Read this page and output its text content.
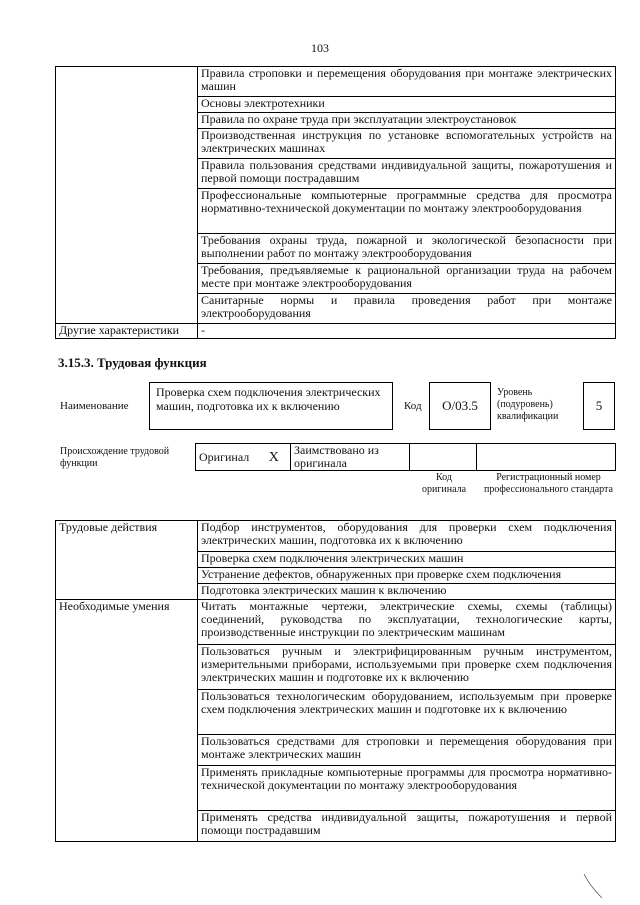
103
	Правила строповки и перемещения оборудования при монтаже электрических машин
	Основы электротехники
	Правила по охране труда при эксплуатации электроустановок
	Производственная инструкция по установке вспомогательных устройств на электрических машинах
	Правила пользования средствами индивидуальной защиты, пожаротушения и первой помощи пострадавшим
	Профессиональные компьютерные программные средства для просмотра нормативно-технической документации по монтажу электрооборудования
	Требования охраны труда, пожарной и экологической безопасности при выполнении работ по монтажу электрооборудования
	Требования, предъявляемые к рациональной организации труда на рабочем месте при монтаже электрооборудования
	Санитарные нормы и правила проведения работ при монтаже электрооборудования
Другие характеристики	-
3.15.3. Трудовая функция
Наименование
Проверка схем подключения электрических машин, подготовка их к включению	Код	O/03.5
Уровень (подуровень) квалификации
5
Происхождение трудовой функции	Оригинал	X	Заимствовано из оригинала		
Код оригинала
Регистрационный номер профессионального стандарта
Трудовые действия	Подбор инструментов, оборудования для проверки схем подключения электрических машин, подготовка их к включению
	Проверка схем подключения электрических машин
	Устранение дефектов, обнаруженных при проверке схем подключения
	Подготовка электрических машин к включению
Необходимые умения	Читать монтажные чертежи, электрические схемы, схемы (таблицы) соединений, руководства по эксплуатации, технологические карты, производственные инструкции по электрическим машинам
	Пользоваться ручным и электрифицированным ручным инструментом, измерительными приборами, используемыми при проверке схем подключения электрических машин и подготовке их к включению
	Пользоваться технологическим оборудованием, используемым при проверке схем подключения электрических машин и подготовке их к включению
	Пользоваться средствами для строповки и перемещения оборудования при монтаже электрических машин
	Применять прикладные компьютерные программы для просмотра нормативно-технической документации по монтажу электрооборудования
	Применять средства индивидуальной защиты, пожаротушения и первой помощи пострадавшим
